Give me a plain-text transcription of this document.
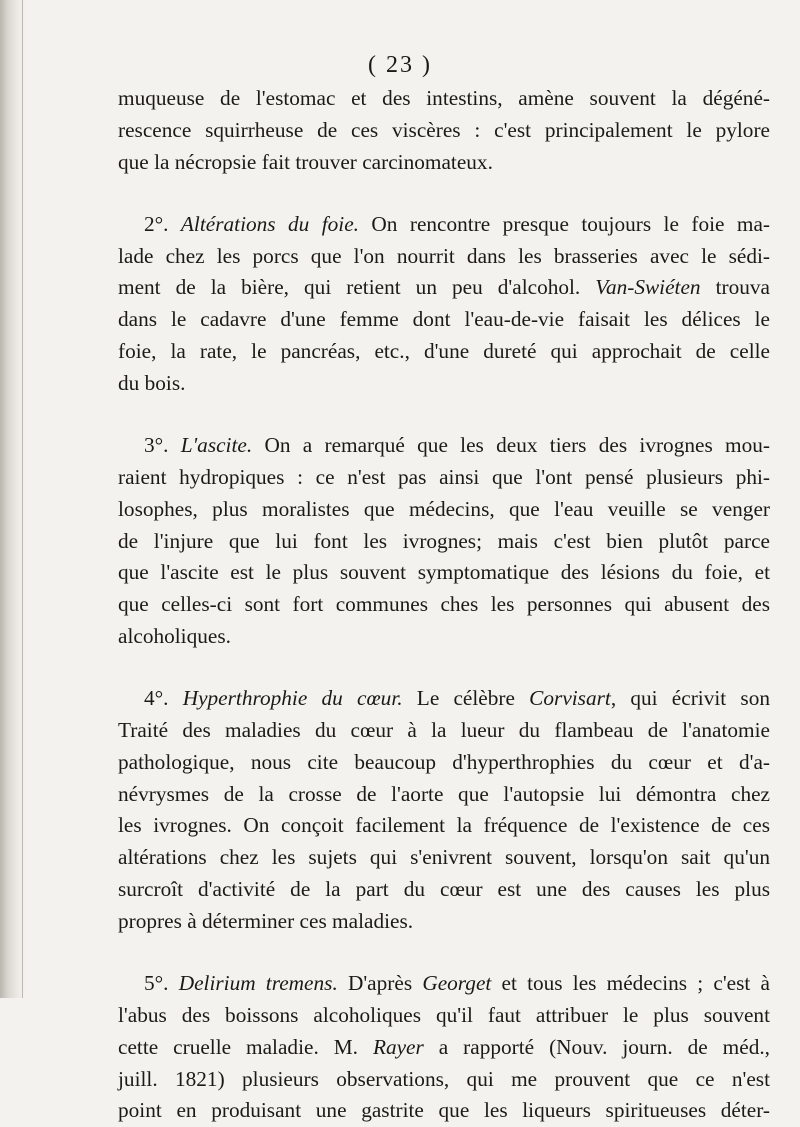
( 23 )
muqueuse de l'estomac et des intestins, amène souvent la dégéné-
rescence squirrheuse de ces viscères : c'est principalement le pylore
que la nécropsie fait trouver carcinomateux.
2°. Altérations du foie. On rencontre presque toujours le foie ma-
lade chez les porcs que l'on nourrit dans les brasseries avec le sédi-
ment de la bière, qui retient un peu d'alcohol. Van-Swiéten trouva
dans le cadavre d'une femme dont l'eau-de-vie faisait les délices le
foie, la rate, le pancréas, etc., d'une dureté qui approchait de celle
du bois.
3°. L'ascite. On a remarqué que les deux tiers des ivrognes mou-
raient hydropiques : ce n'est pas ainsi que l'ont pensé plusieurs phi-
losophes, plus moralistes que médecins, que l'eau veuille se venger
de l'injure que lui font les ivrognes; mais c'est bien plutôt parce
que l'ascite est le plus souvent symptomatique des lésions du foie, et
que celles-ci sont fort communes ches les personnes qui abusent des
alcoholiques.
4°. Hyperthrophie du cœur. Le célèbre Corvisart, qui écrivit son
Traité des maladies du cœur à la lueur du flambeau de l'anatomie
pathologique, nous cite beaucoup d'hyperthrophies du cœur et d'a-
névrysmes de la crosse de l'aorte que l'autopsie lui démontra chez
les ivrognes. On conçoit facilement la fréquence de l'existence de ces
altérations chez les sujets qui s'enivrent souvent, lorsqu'on sait qu'un
surcroît d'activité de la part du cœur est une des causes les plus
propres à déterminer ces maladies.
5°. Delirium tremens. D'après Georget et tous les médecins ; c'est à
l'abus des boissons alcoholiques qu'il faut attribuer le plus souvent
cette cruelle maladie. M. Rayer a rapporté (Nouv. journ. de méd.,
juill. 1821) plusieurs observations, qui me prouvent que ce n'est
point en produisant une gastrite que les liqueurs spiritueuses déter-
